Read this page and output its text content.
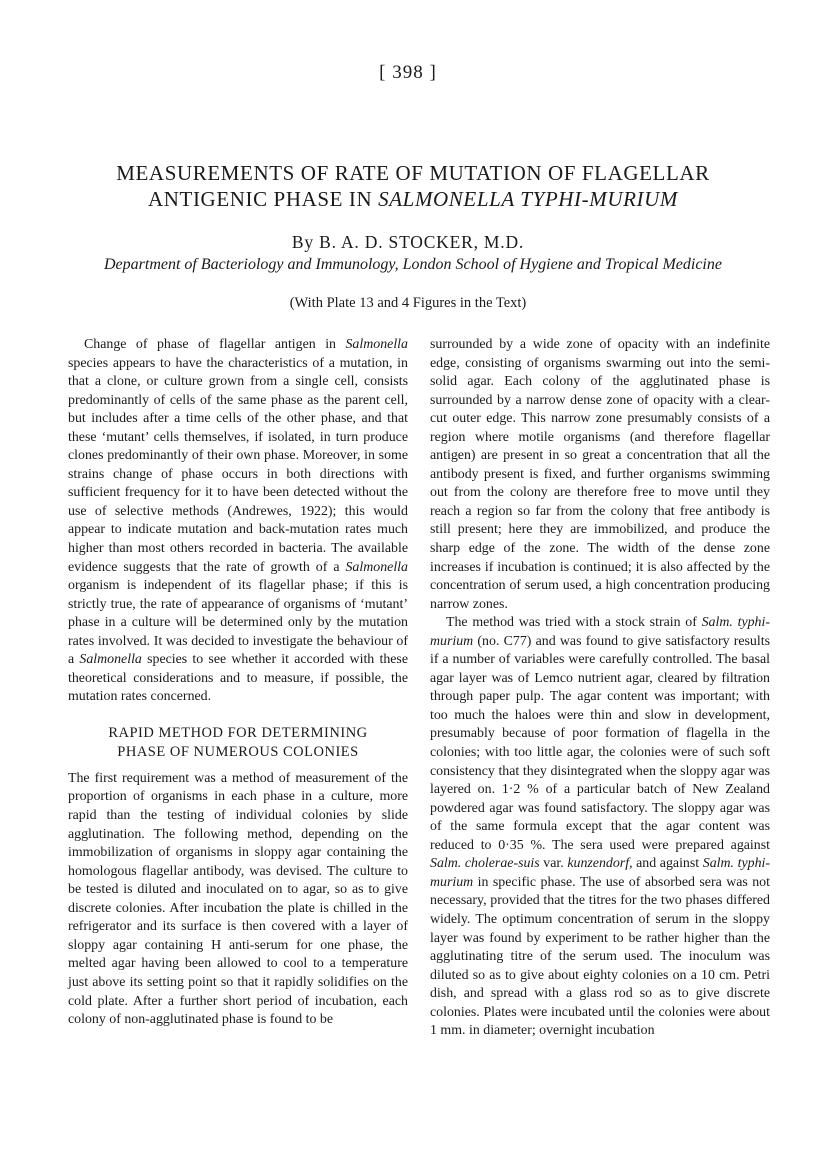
[ 398 ]
MEASUREMENTS OF RATE OF MUTATION OF FLAGELLAR
ANTIGENIC PHASE IN SALMONELLA TYPHI-MURIUM
By B. A. D. STOCKER, M.D.
Department of Bacteriology and Immunology, London School of Hygiene and Tropical Medicine
(With Plate 13 and 4 Figures in the Text)

Change of phase of flagellar antigen in Salmonella species appears to have the characteristics of a mutation, in that a clone, or culture grown from a single cell, consists predominantly of cells of the same phase as the parent cell, but includes after a time cells of the other phase, and that these ‘mutant’ cells themselves, if isolated, in turn produce clones predominantly of their own phase. Moreover, in some strains change of phase occurs in both directions with sufficient frequency for it to have been detected without the use of selective methods (Andrewes, 1922); this would appear to indicate mutation and back-mutation rates much higher than most others recorded in bacteria. The available evidence suggests that the rate of growth of a Salmonella organism is independent of its flagellar phase; if this is strictly true, the rate of appearance of organisms of ‘mutant’ phase in a culture will be determined only by the mutation rates involved. It was decided to investigate the behaviour of a Salmonella species to see whether it accorded with these theoretical considerations and to measure, if possible, the mutation rates concerned.

RAPID METHOD FOR DETERMINING
PHASE OF NUMEROUS COLONIES

The first requirement was a method of measurement of the proportion of organisms in each phase in a culture, more rapid than the testing of individual colonies by slide agglutination. The following method, depending on the immobilization of organisms in sloppy agar containing the homologous flagellar antibody, was devised. The culture to be tested is diluted and inoculated on to agar, so as to give discrete colonies. After incubation the plate is chilled in the refrigerator and its surface is then covered with a layer of sloppy agar containing H anti-serum for one phase, the melted agar having been allowed to cool to a temperature just above its setting point so that it rapidly solidifies on the cold plate. After a further short period of incubation, each colony of non-agglutinated phase is found to be

surrounded by a wide zone of opacity with an indefinite edge, consisting of organisms swarming out into the semi-solid agar. Each colony of the agglutinated phase is surrounded by a narrow dense zone of opacity with a clear-cut outer edge. This narrow zone presumably consists of a region where motile organisms (and therefore flagellar antigen) are present in so great a concentration that all the antibody present is fixed, and further organisms swimming out from the colony are therefore free to move until they reach a region so far from the colony that free antibody is still present; here they are immobilized, and produce the sharp edge of the zone. The width of the dense zone increases if incubation is continued; it is also affected by the concentration of serum used, a high concentration producing narrow zones.

The method was tried with a stock strain of Salm. typhi-murium (no. C77) and was found to give satisfactory results if a number of variables were carefully controlled. The basal agar layer was of Lemco nutrient agar, cleared by filtration through paper pulp. The agar content was important; with too much the haloes were thin and slow in development, presumably because of poor formation of flagella in the colonies; with too little agar, the colonies were of such soft consistency that they disintegrated when the sloppy agar was layered on. 1·2 % of a particular batch of New Zealand powdered agar was found satisfactory. The sloppy agar was of the same formula except that the agar content was reduced to 0·35 %. The sera used were prepared against Salm. cholerae-suis var. kunzendorf, and against Salm. typhi-murium in specific phase. The use of absorbed sera was not necessary, provided that the titres for the two phases differed widely. The optimum concentration of serum in the sloppy layer was found by experiment to be rather higher than the agglutinating titre of the serum used. The inoculum was diluted so as to give about eighty colonies on a 10 cm. Petri dish, and spread with a glass rod so as to give discrete colonies. Plates were incubated until the colonies were about 1 mm. in diameter; overnight incubation
